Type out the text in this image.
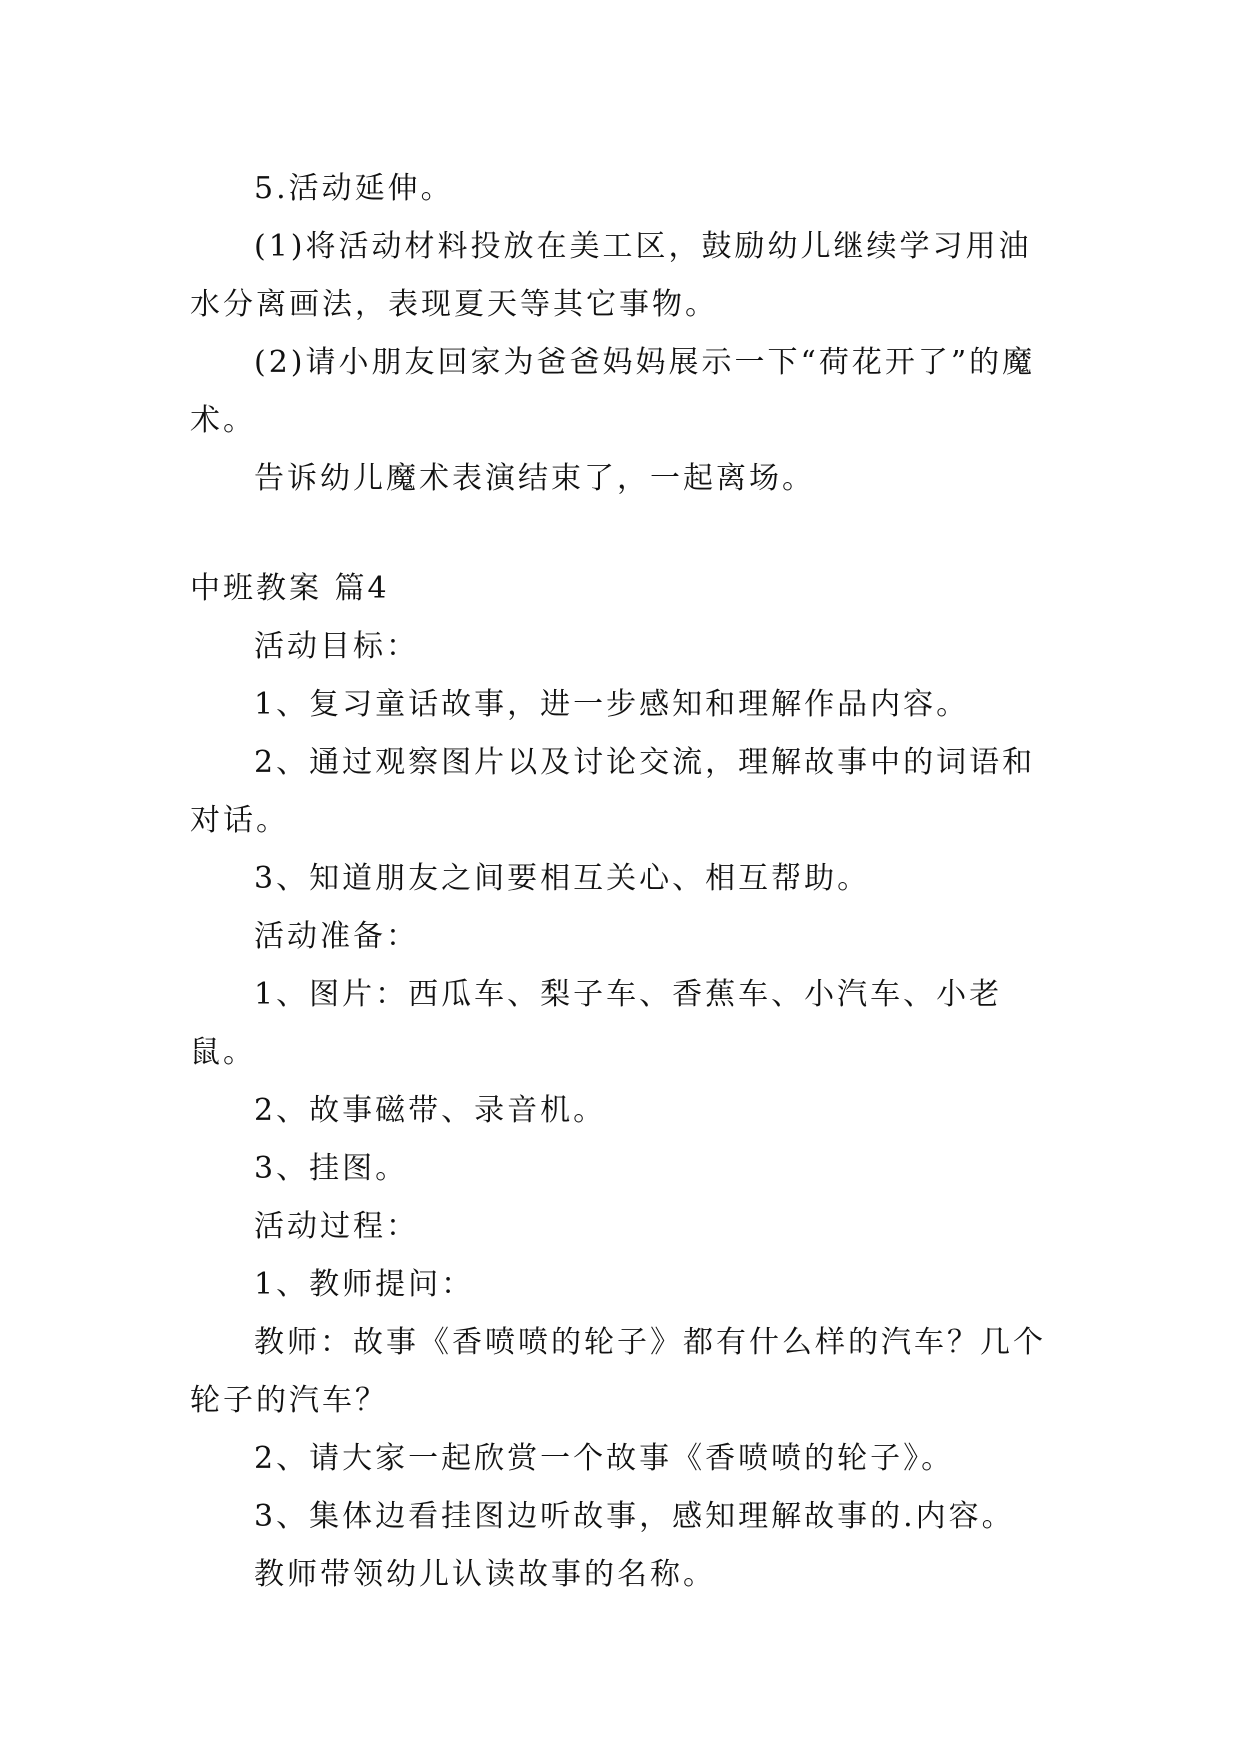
5.活动延伸。

(1)将活动材料投放在美工区，鼓励幼儿继续学习用油水分离画法，表现夏天等其它事物。

(2)请小朋友回家为爸爸妈妈展示一下“荷花开了”的魔术。

告诉幼儿魔术表演结束了，一起离场。

中班教案 篇4

活动目标：

1、复习童话故事，进一步感知和理解作品内容。

2、通过观察图片以及讨论交流，理解故事中的词语和对话。

3、知道朋友之间要相互关心、相互帮助。

活动准备：

1、图片：西瓜车、梨子车、香蕉车、小汽车、小老鼠。

2、故事磁带、录音机。

3、挂图。

活动过程：

1、教师提问：

教师：故事《香喷喷的轮子》都有什么样的汽车？几个轮子的汽车？

2、请大家一起欣赏一个故事《香喷喷的轮子》。

3、集体边看挂图边听故事，感知理解故事的.内容。

教师带领幼儿认读故事的名称。
